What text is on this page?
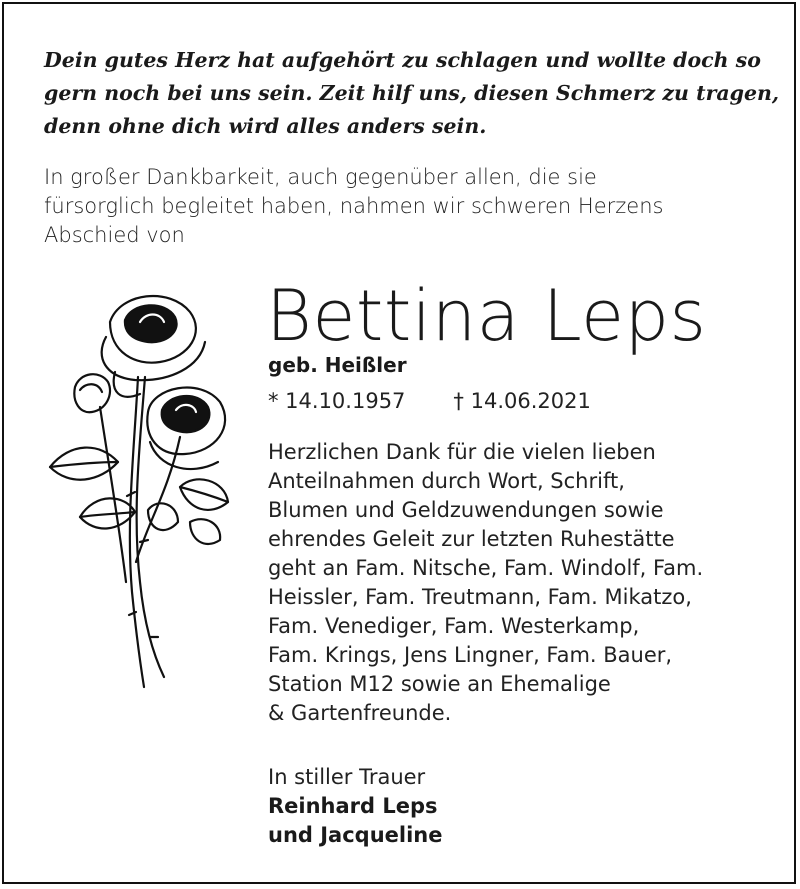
Dein gutes Herz hat aufgehört zu schlagen und wollte doch so
gern noch bei uns sein. Zeit hilf uns, diesen Schmerz zu tragen,
denn ohne dich wird alles anders sein.
In großer Dankbarkeit, auch gegenüber allen, die sie
fürsorglich begleitet haben, nahmen wir schweren Herzens
Abschied von
Bettina Leps
geb. Heißler
* 14.10.1957 † 14.06.2021
Herzlichen Dank für die vielen lieben
Anteilnahmen durch Wort, Schrift,
Blumen und Geldzuwendungen sowie
ehrendes Geleit zur letzten Ruhestätte
geht an Fam. Nitsche, Fam. Windolf, Fam.
Heissler, Fam. Treutmann, Fam. Mikatzo,
Fam. Venediger, Fam. Westerkamp,
Fam. Krings, Jens Lingner, Fam. Bauer,
Station M12 sowie an Ehemalige
& Gartenfreunde.
In stiller Trauer
Reinhard Leps
und Jacqueline
